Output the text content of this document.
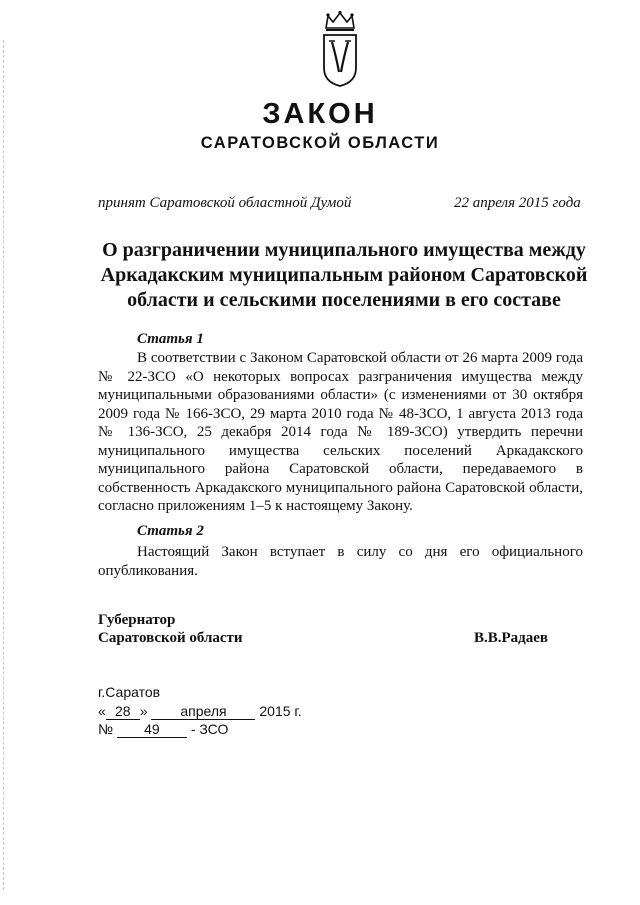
ЗАКОН
САРАТОВСКОЙ ОБЛАСТИ
принят Саратовской областной Думой	22 апреля 2015 года
О разграничении муниципального имущества между
Аркадакским муниципальным районом Саратовской
области и сельскими поселениями в его составе
Статья 1

В соответствии с Законом Саратовской области от 26 марта 2009 года № 22-ЗСО «О некоторых вопросах разграничения имущества между муниципальными образованиями области» (с изменениями от 30 октября 2009 года № 166-ЗСО, 29 марта 2010 года № 48-ЗСО, 1 августа 2013 года № 136-ЗСО, 25 декабря 2014 года № 189-ЗСО) утвердить перечни муниципального имущества сельских поселений Аркадакского муниципального района Саратовской области, передаваемого в собственность Аркадакского муниципального района Саратовской области, согласно приложениям 1–5 к настоящему Закону.

Статья 2

Настоящий Закон вступает в силу со дня его официального опубликования.

Губернатор
Саратовской области	В.В.Радаев
г.Саратов
« 28 » апреля 2015 г.
№ 49 - ЗСО
